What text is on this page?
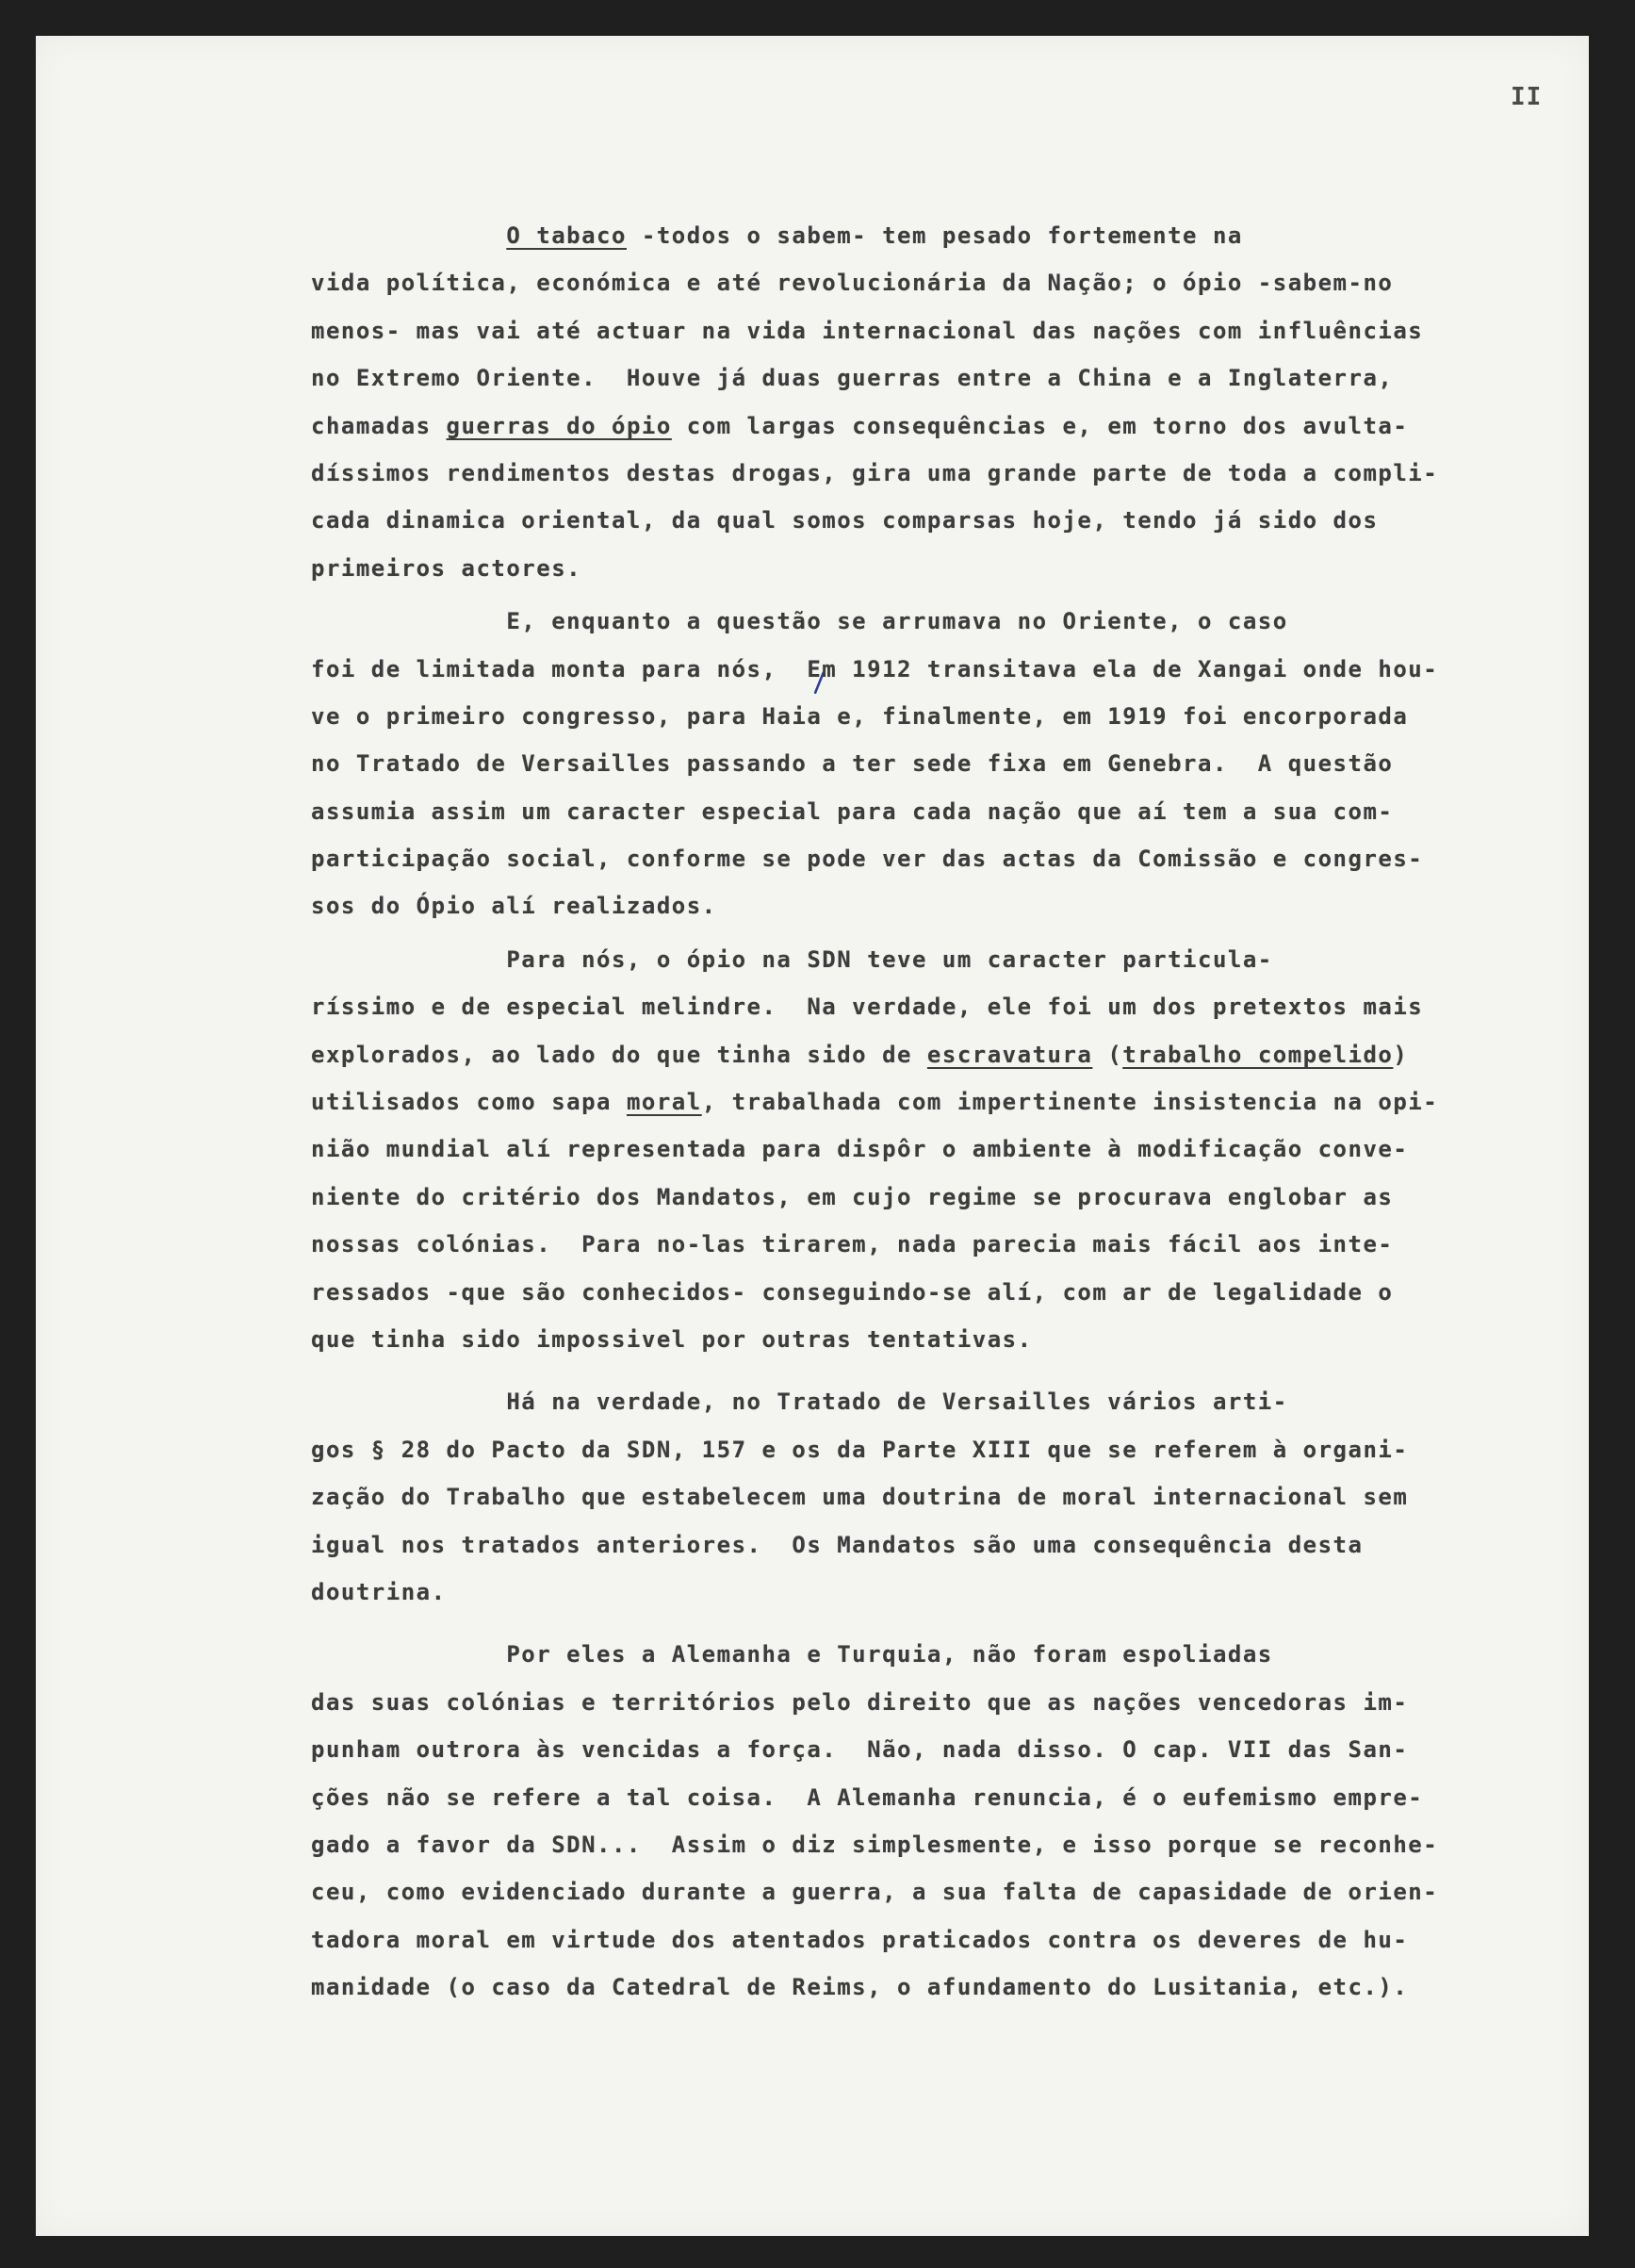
II
O tabaco -todos o sabem- tem pesado fortemente na
vida política, económica e até revolucionária da Nação; o ópio -sabem-no
menos- mas vai até actuar na vida internacional das nações com influências
no Extremo Oriente.  Houve já duas guerras entre a China e a Inglaterra,
chamadas guerras do ópio com largas consequências e, em torno dos avulta-
díssimos rendimentos destas drogas, gira uma grande parte de toda a compli-
cada dinamica oriental, da qual somos comparsas hoje, tendo já sido dos
primeiros actores.
E, enquanto a questão se arrumava no Oriente, o caso
foi de limitada monta para nós,  Em 1912 transitava ela de Xangai onde hou-
ve o primeiro congresso, para Haia e, finalmente, em 1919 foi encorporada
no Tratado de Versailles passando a ter sede fixa em Genebra.  A questão
assumia assim um caracter especial para cada nação que aí tem a sua com-
participação social, conforme se pode ver das actas da Comissão e congres-
sos do Ópio alí realizados.
Para nós, o ópio na SDN teve um caracter particula-
ríssimo e de especial melindre.  Na verdade, ele foi um dos pretextos mais
explorados, ao lado do que tinha sido de escravatura (trabalho compelido)
utilisados como sapa moral, trabalhada com impertinente insistencia na opi-
nião mundial alí representada para dispôr o ambiente à modificação conve-
niente do critério dos Mandatos, em cujo regime se procurava englobar as
nossas colónias.  Para no-las tirarem, nada parecia mais fácil aos inte-
ressados -que são conhecidos- conseguindo-se alí, com ar de legalidade o
que tinha sido impossivel por outras tentativas.
Há na verdade, no Tratado de Versailles vários arti-
gos § 28 do Pacto da SDN, 157 e os da Parte XIII que se referem à organi-
zação do Trabalho que estabelecem uma doutrina de moral internacional sem
igual nos tratados anteriores.  Os Mandatos são uma consequência desta
doutrina.
Por eles a Alemanha e Turquia, não foram espoliadas
das suas colónias e territórios pelo direito que as nações vencedoras im-
punham outrora às vencidas a força.  Não, nada disso. O cap. VII das San-
ções não se refere a tal coisa.  A Alemanha renuncia, é o eufemismo empre-
gado a favor da SDN...  Assim o diz simplesmente, e isso porque se reconhe-
ceu, como evidenciado durante a guerra, a sua falta de capasidade de orien-
tadora moral em virtude dos atentados praticados contra os deveres de hu-
manidade (o caso da Catedral de Reims, o afundamento do Lusitania, etc.).
